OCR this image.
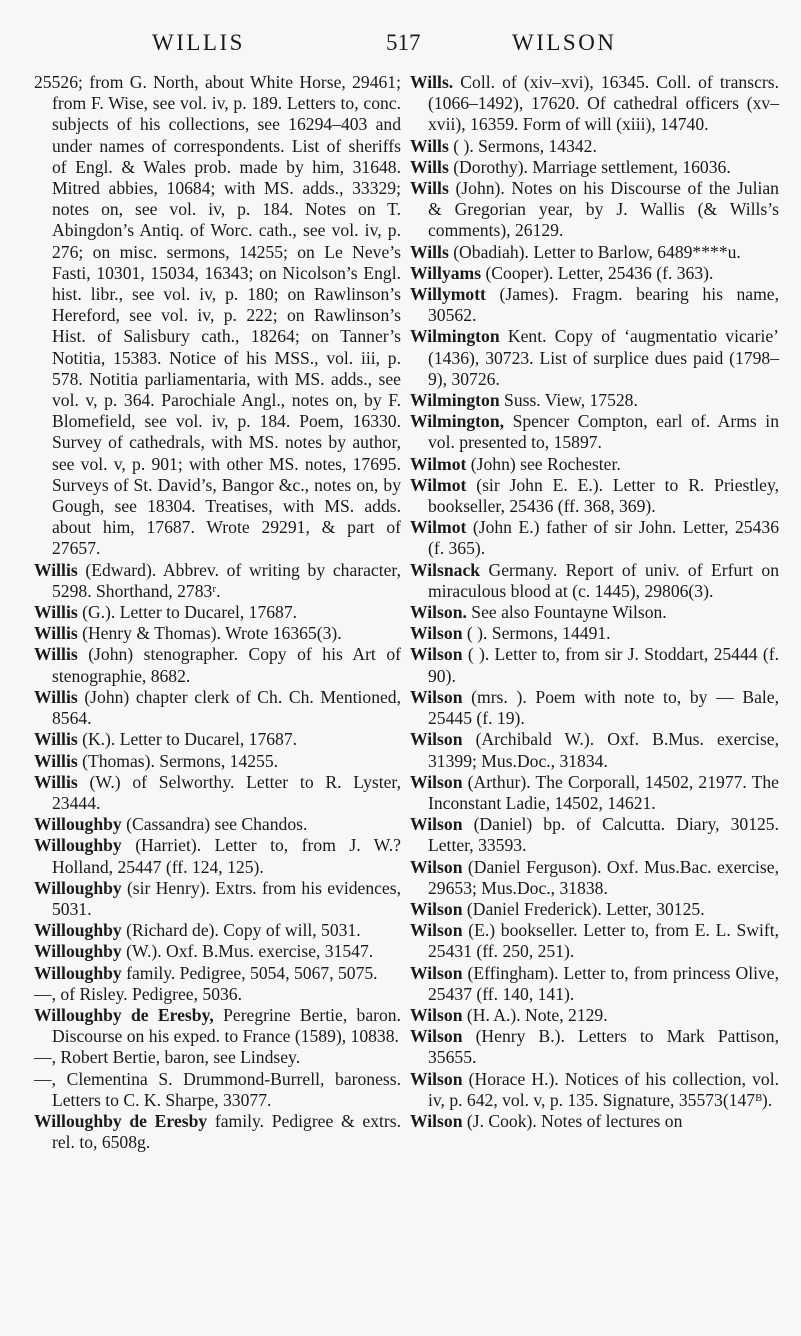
WILLIS	517	WILSON

25526; from G. North, about White Horse, 29461; from F. Wise, see vol. iv, p. 189. Letters to, conc. subjects of his collections, see 16294–403 and under names of correspondents. List of sheriffs of Engl. & Wales prob. made by him, 31648. Mitred abbies, 10684; with MS. adds., 33329; notes on, see vol. iv, p. 184. Notes on T. Abingdon’s Antiq. of Worc. cath., see vol. iv, p. 276; on misc. sermons, 14255; on Le Neve’s Fasti, 10301, 15034, 16343; on Nicolson’s Engl. hist. libr., see vol. iv, p. 180; on Rawlinson’s Hereford, see vol. iv, p. 222; on Rawlinson’s Hist. of Salisbury cath., 18264; on Tanner’s Notitia, 15383. Notice of his MSS., vol. iii, p. 578. Notitia parliamentaria, with MS. adds., see vol. v, p. 364. Parochiale Angl., notes on, by F. Blomefield, see vol. iv, p. 184. Poem, 16330. Survey of cathedrals, with MS. notes by author, see vol. v, p. 901; with other MS. notes, 17695. Surveys of St. David’s, Bangor &c., notes on, by Gough, see 18304. Treatises, with MS. adds. about him, 17687. Wrote 29291, & part of 27657.

Willis (Edward). Abbrev. of writing by character, 5298. Shorthand, 2783ʳ.

Willis (G.). Letter to Ducarel, 17687.

Willis (Henry & Thomas). Wrote 16365(3).

Willis (John) stenographer. Copy of his Art of stenographie, 8682.

Willis (John) chapter clerk of Ch. Ch. Mentioned, 8564.

Willis (K.). Letter to Ducarel, 17687.

Willis (Thomas). Sermons, 14255.

Willis (W.) of Selworthy. Letter to R. Lyster, 23444.

Willoughby (Cassandra) see Chandos.

Willoughby (Harriet). Letter to, from J. W.? Holland, 25447 (ff. 124, 125).

Willoughby (sir Henry). Extrs. from his evidences, 5031.

Willoughby (Richard de). Copy of will, 5031.

Willoughby (W.). Oxf. B.Mus. exercise, 31547.

Willoughby family. Pedigree, 5054, 5067, 5075.

—, of Risley. Pedigree, 5036.

Willoughby de Eresby, Peregrine Bertie, baron. Discourse on his exped. to France (1589), 10838.

—, Robert Bertie, baron, see Lindsey.

—, Clementina S. Drummond-Burrell, baroness. Letters to C. K. Sharpe, 33077.

Willoughby de Eresby family. Pedigree & extrs. rel. to, 6508g.

Wills. Coll. of (xiv–xvi), 16345. Coll. of transcrs. (1066–1492), 17620. Of cathedral officers (xv–xvii), 16359. Form of will (xiii), 14740.

Wills ( ). Sermons, 14342.

Wills (Dorothy). Marriage settlement, 16036.

Wills (John). Notes on his Discourse of the Julian & Gregorian year, by J. Wallis (& Wills’s comments), 26129.

Wills (Obadiah). Letter to Barlow, 6489****u.

Willyams (Cooper). Letter, 25436 (f. 363).

Willymott (James). Fragm. bearing his name, 30562.

Wilmington Kent. Copy of ‘augmentatio vicarie’ (1436), 30723. List of surplice dues paid (1798–9), 30726.

Wilmington Suss. View, 17528.

Wilmington, Spencer Compton, earl of. Arms in vol. presented to, 15897.

Wilmot (John) see Rochester.

Wilmot (sir John E. E.). Letter to R. Priestley, bookseller, 25436 (ff. 368, 369).

Wilmot (John E.) father of sir John. Letter, 25436 (f. 365).

Wilsnack Germany. Report of univ. of Erfurt on miraculous blood at (c. 1445), 29806(3).

Wilson. See also Fountayne Wilson.

Wilson ( ). Sermons, 14491.

Wilson ( ). Letter to, from sir J. Stoddart, 25444 (f. 90).

Wilson (mrs. ). Poem with note to, by — Bale, 25445 (f. 19).

Wilson (Archibald W.). Oxf. B.Mus. exercise, 31399; Mus.Doc., 31834.

Wilson (Arthur). The Corporall, 14502, 21977. The Inconstant Ladie, 14502, 14621.

Wilson (Daniel) bp. of Calcutta. Diary, 30125. Letter, 33593.

Wilson (Daniel Ferguson). Oxf. Mus.Bac. exercise, 29653; Mus.Doc., 31838.

Wilson (Daniel Frederick). Letter, 30125.

Wilson (E.) bookseller. Letter to, from E. L. Swift, 25431 (ff. 250, 251).

Wilson (Effingham). Letter to, from princess Olive, 25437 (ff. 140, 141).

Wilson (H. A.). Note, 2129.

Wilson (Henry B.). Letters to Mark Pattison, 35655.

Wilson (Horace H.). Notices of his collection, vol. iv, p. 642, vol. v, p. 135. Signature, 35573(147ᴮ).

Wilson (J. Cook). Notes of lectures on
